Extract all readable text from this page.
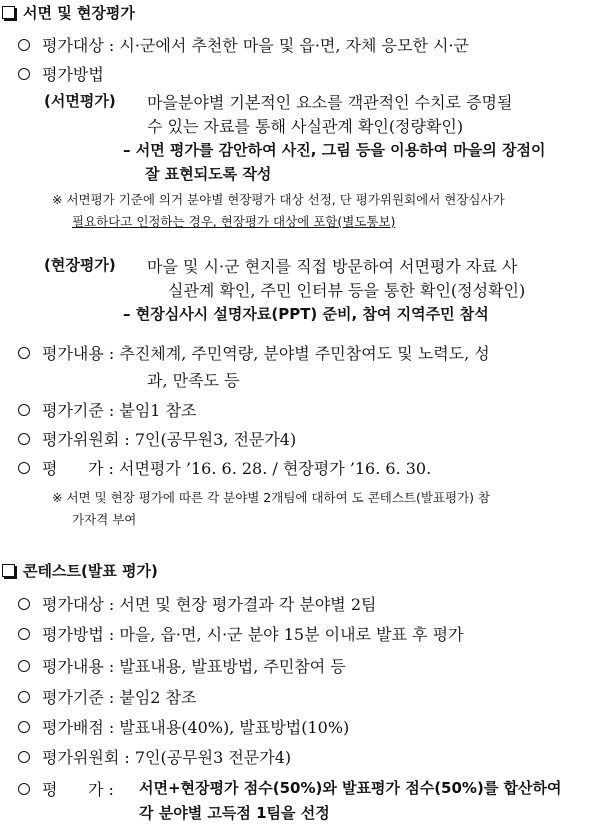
서면 및 현장평가
평가대상 : 시·군에서 추천한 마을 및 읍·면, 자체 응모한 시·군
평가방법
(서면평가) 마을분야별 기본적인 요소를 객관적인 수치로 증명될
수 있는 자료를 통해 사실관계 확인(정량확인)
– 서면 평가를 감안하여 사진, 그림 등을 이용하여 마을의 장점이
잘 표현되도록 작성
※ 서면평가 기준에 의거 분야별 현장평가 대상 선정, 단 평가위원회에서 현장심사가
필요하다고 인정하는 경우, 현장평가 대상에 포함(별도통보)
(현장평가) 마을 및 시·군 현지를 직접 방문하여 서면평가 자료 사
실관계 확인, 주민 인터뷰 등을 통한 확인(정성확인)
– 현장심사시 설명자료(PPT) 준비, 참여 지역주민 참석
평가내용 : 추진체계, 주민역량, 분야별 주민참여도 및 노력도, 성
과, 만족도 등
평가기준 : 붙임1 참조
평가위원회 : 7인(공무원3, 전문가4)
평      가 : 서면평가 ’16. 6. 28. / 현장평가 ’16. 6. 30.
※ 서면 및 현장 평가에 따른 각 분야별 2개팀에 대하여 도 콘테스트(발표평가) 참
가자격 부여
콘테스트(발표 평가)
평가대상 : 서면 및 현장 평가결과 각 분야별 2팀
평가방법 : 마을, 읍·면, 시·군 분야 15분 이내로 발표 후 평가
평가내용 : 발표내용, 발표방법, 주민참여 등
평가기준 : 붙임2 참조
평가배점 : 발표내용(40%), 발표방법(10%)
평가위원회 : 7인(공무원3 전문가4)
평      가 : 서면+현장평가 점수(50%)와 발표평가 점수(50%)를 합산하여
각 분야별 고득점 1팀을 선정
